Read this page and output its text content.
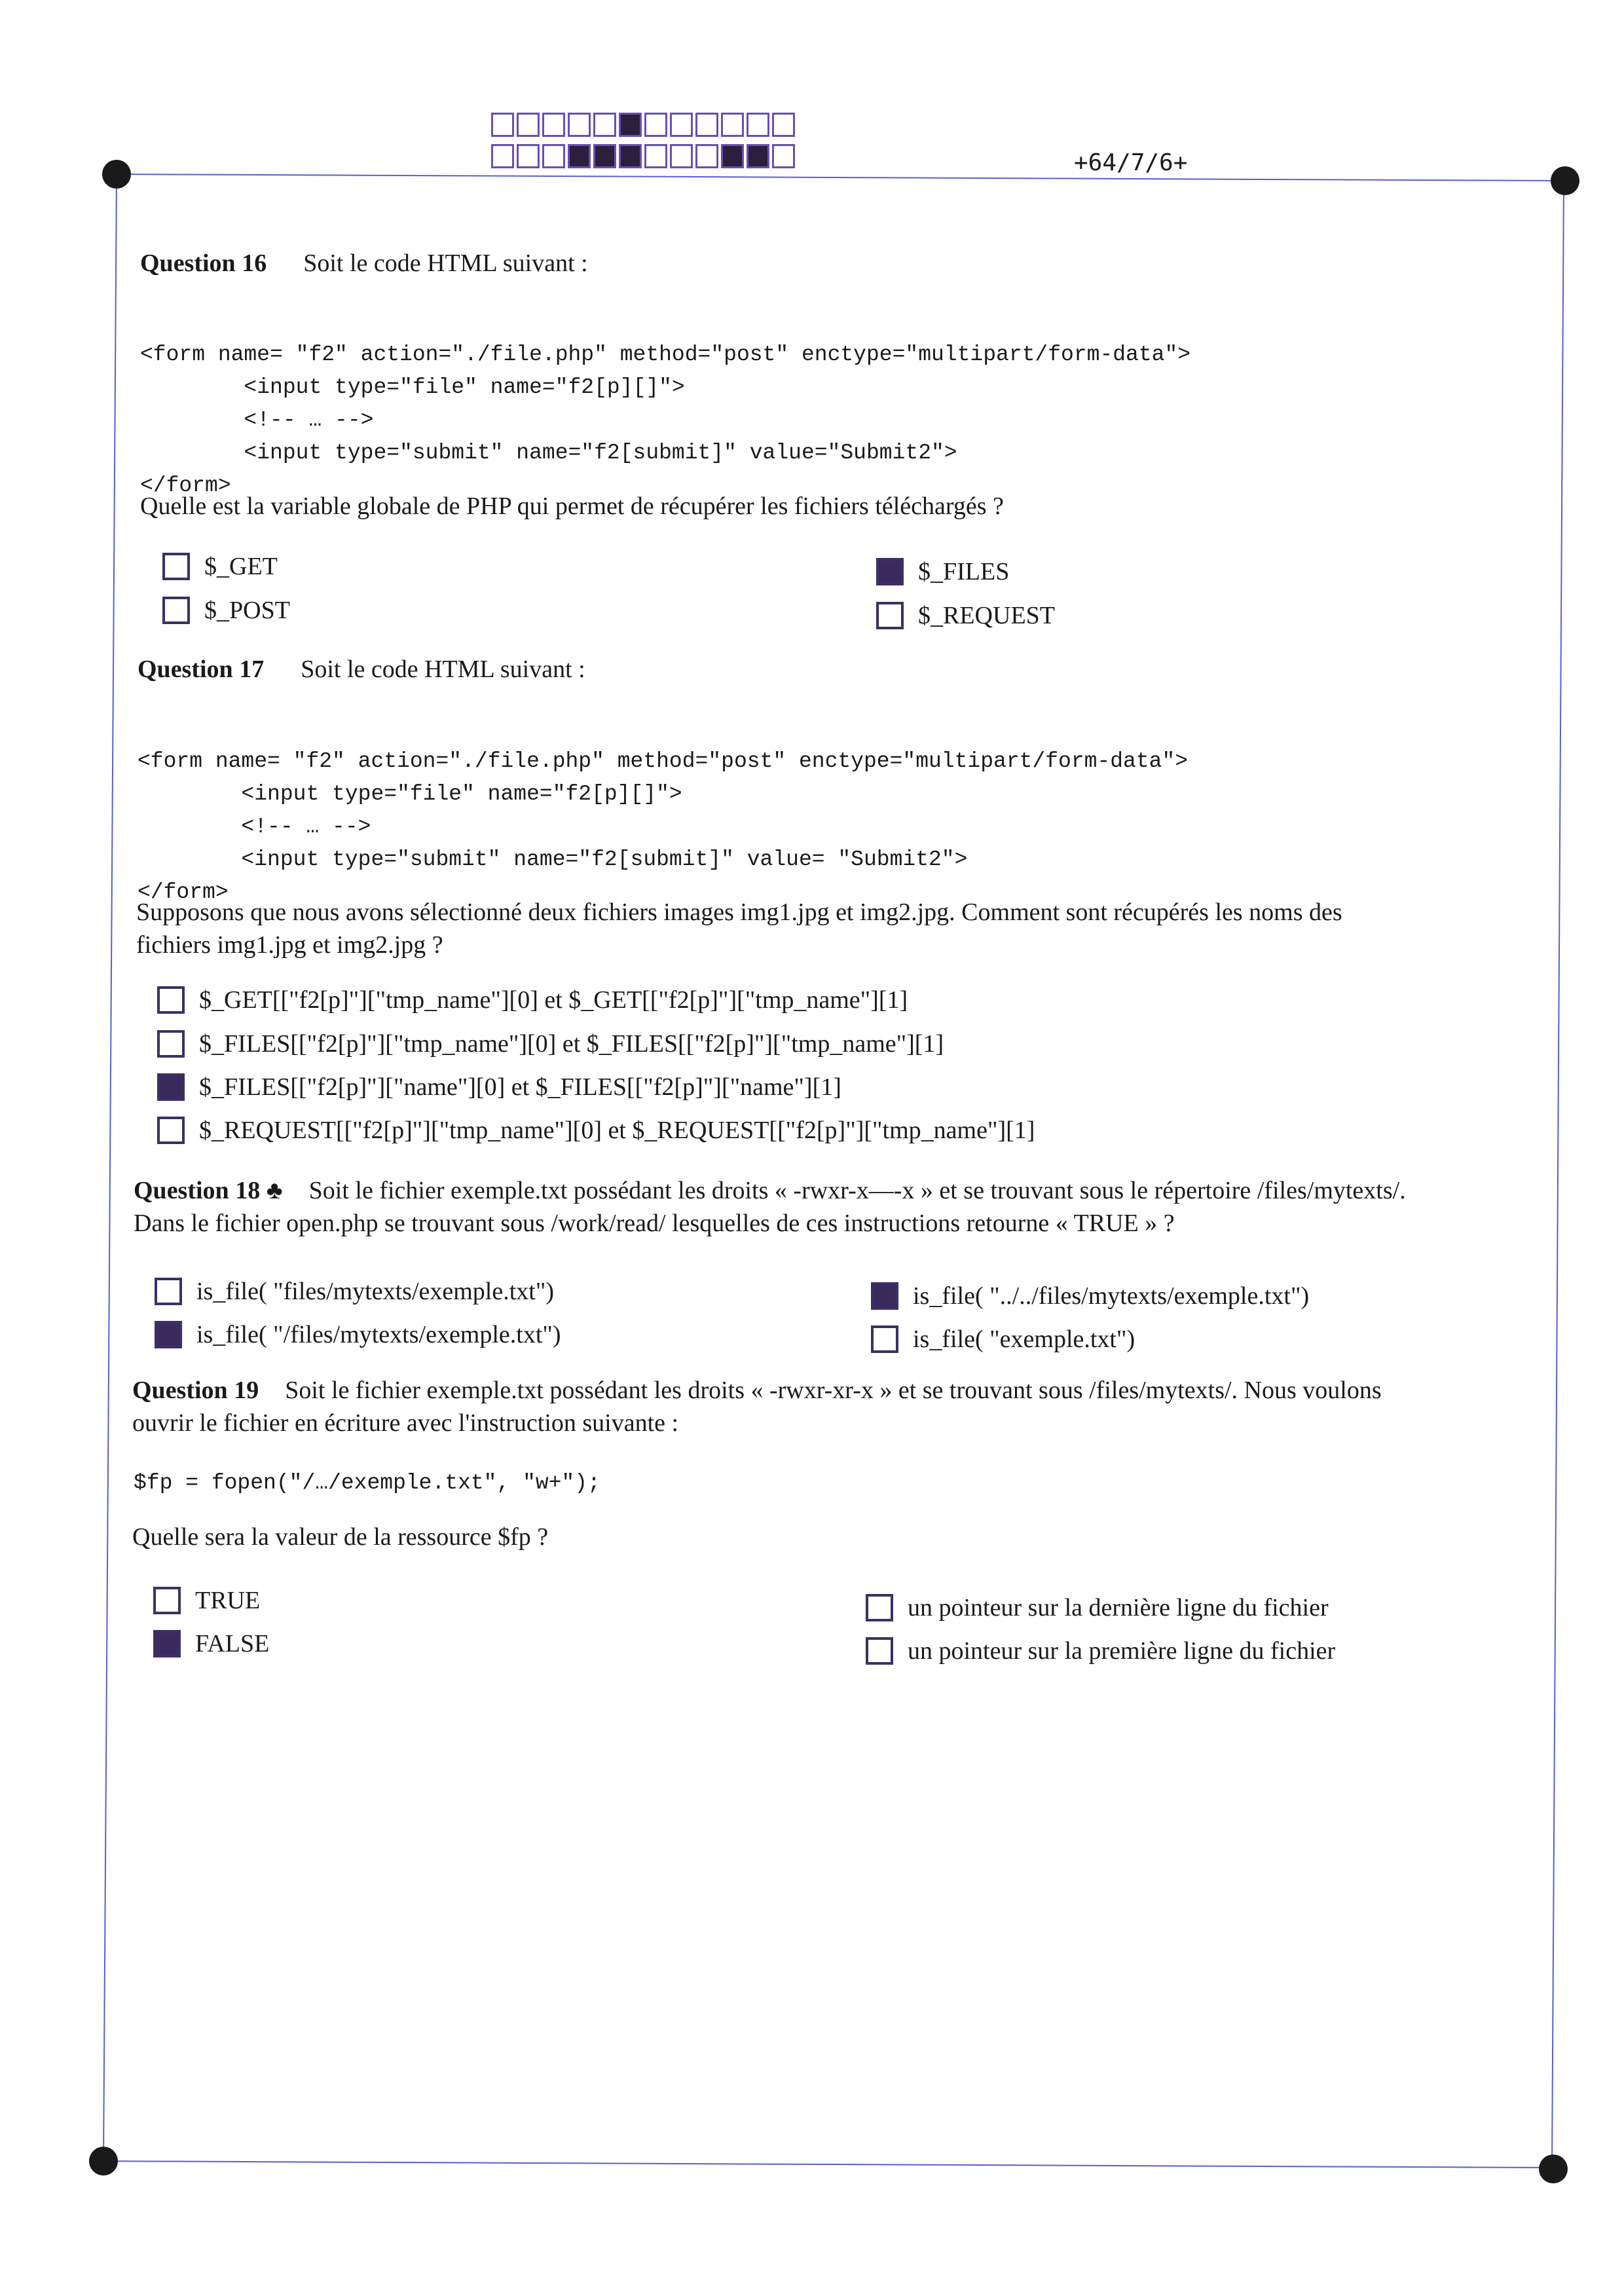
+64/7/6+
Question 16 Soit le code HTML suivant :

<form name= "f2" action="./file.php" method="post" enctype="multipart/form-data">
<input type="file" name="f2[p][]">
<!-- … -->
<input type="submit" name="f2[submit]" value="Submit2">
</form>

Quelle est la variable globale de PHP qui permet de récupérer les fichiers téléchargés ?
$_GET
$_POST
$_FILES
$_REQUEST
Question 17 Soit le code HTML suivant :

<form name= "f2" action="./file.php" method="post" enctype="multipart/form-data">
<input type="file" name="f2[p][]">
<!-- … -->
<input type="submit" name="f2[submit]" value= "Submit2">
</form>

Supposons que nous avons sélectionné deux fichiers images img1.jpg et img2.jpg. Comment sont récupérés les noms des
fichiers img1.jpg et img2.jpg ?
$_GET[["f2[p]"]["tmp_name"][0] et $_GET[["f2[p]"]["tmp_name"][1]
$_FILES[["f2[p]"]["tmp_name"][0] et $_FILES[["f2[p]"]["tmp_name"][1]
$_FILES[["f2[p]"]["name"][0] et $_FILES[["f2[p]"]["name"][1]
$_REQUEST[["f2[p]"]["tmp_name"][0] et $_REQUEST[["f2[p]"]["tmp_name"][1]
Question 18 ♣ Soit le fichier exemple.txt possédant les droits « -rwxr-x—-x » et se trouvant sous le répertoire /files/mytexts/.
Dans le fichier open.php se trouvant sous /work/read/ lesquelles de ces instructions retourne « TRUE » ?
is_file( "files/mytexts/exemple.txt")
is_file( "/files/mytexts/exemple.txt")
is_file( "../../files/mytexts/exemple.txt")
is_file( "exemple.txt")
Question 19 Soit le fichier exemple.txt possédant les droits « -rwxr-xr-x » et se trouvant sous /files/mytexts/. Nous voulons
ouvrir le fichier en écriture avec l'instruction suivante :
$fp = fopen("/…/exemple.txt", "w+");
Quelle sera la valeur de la ressource $fp ?
TRUE
FALSE
un pointeur sur la dernière ligne du fichier
un pointeur sur la première ligne du fichier
